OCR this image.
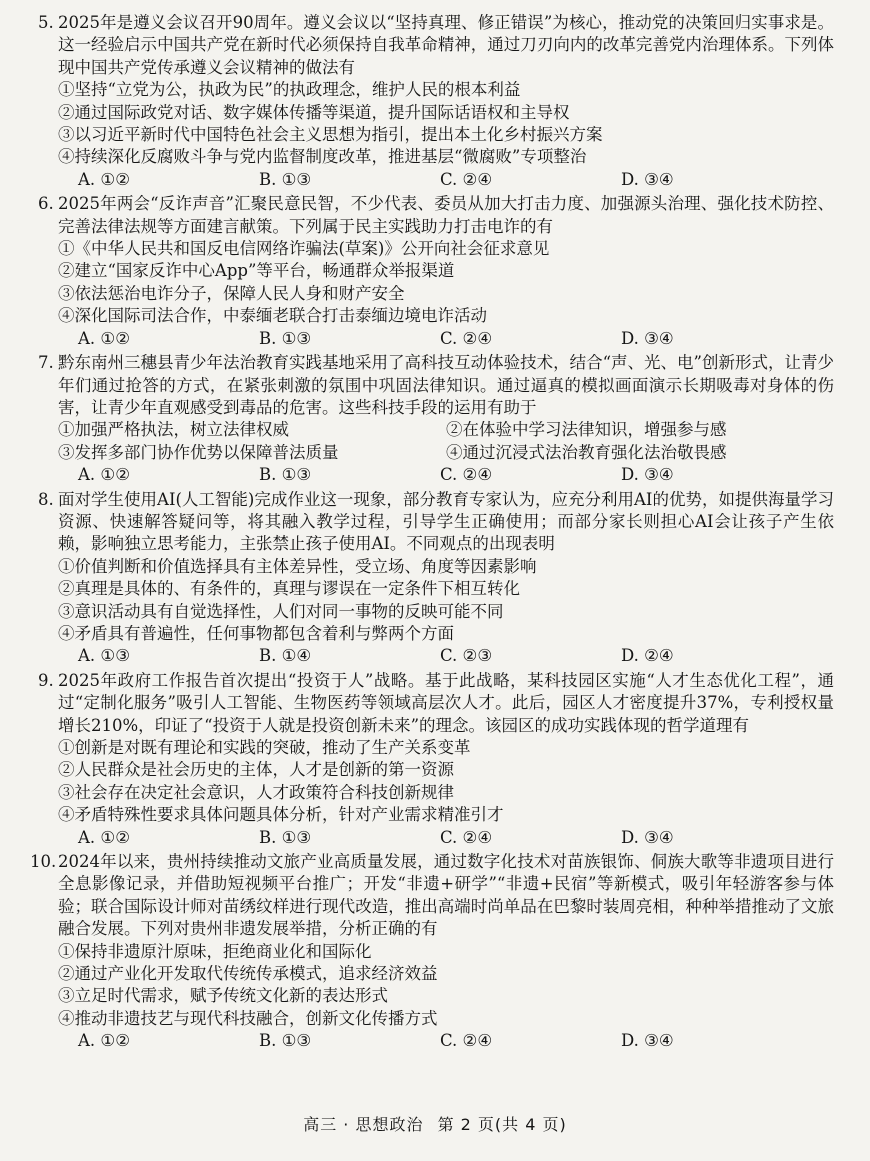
5. 2025年是遵义会议召开90周年。遵义会议以“坚持真理、修正错误”为核心，推动党的决策回归实事求是。这一经验启示中国共产党在新时代必须保持自我革命精神，通过刀刃向内的改革完善党内治理体系。下列体现中国共产党传承遵义会议精神的做法有

①坚持“立党为公，执政为民”的执政理念，维护人民的根本利益

②通过国际政党对话、数字媒体传播等渠道，提升国际话语权和主导权

③以习近平新时代中国特色社会主义思想为指引，提出本土化乡村振兴方案

④持续深化反腐败斗争与党内监督制度改革，推进基层“微腐败”专项整治

A. ①②	B. ①③	C. ②④	D. ③④

6. 2025年两会“反诈声音”汇聚民意民智，不少代表、委员从加大打击力度、加强源头治理、强化技术防控、完善法律法规等方面建言献策。下列属于民主实践助力打击电诈的有

①《中华人民共和国反电信网络诈骗法(草案)》公开向社会征求意见

②建立“国家反诈中心App”等平台，畅通群众举报渠道

③依法惩治电诈分子，保障人民人身和财产安全

④深化国际司法合作，中泰缅老联合打击泰缅边境电诈活动

A. ①②	B. ①③	C. ②④	D. ③④

7. 黔东南州三穗县青少年法治教育实践基地采用了高科技互动体验技术，结合“声、光、电”创新形式，让青少年们通过抢答的方式，在紧张刺激的氛围中巩固法律知识。通过逼真的模拟画面演示长期吸毒对身体的伤害，让青少年直观感受到毒品的危害。这些科技手段的运用有助于

①加强严格执法，树立法律权威	②在体验中学习法律知识，增强参与感

③发挥多部门协作优势以保障普法质量	④通过沉浸式法治教育强化法治敬畏感

A. ①②	B. ①③	C. ②④	D. ③④

8. 面对学生使用AI(人工智能)完成作业这一现象，部分教育专家认为，应充分利用AI的优势，如提供海量学习资源、快速解答疑问等，将其融入教学过程，引导学生正确使用；而部分家长则担心AI会让孩子产生依赖，影响独立思考能力，主张禁止孩子使用AI。不同观点的出现表明

①价值判断和价值选择具有主体差异性，受立场、角度等因素影响

②真理是具体的、有条件的，真理与谬误在一定条件下相互转化

③意识活动具有自觉选择性，人们对同一事物的反映可能不同

④矛盾具有普遍性，任何事物都包含着利与弊两个方面

A. ①③	B. ①④	C. ②③	D. ②④

9. 2025年政府工作报告首次提出“投资于人”战略。基于此战略，某科技园区实施“人才生态优化工程”，通过“定制化服务”吸引人工智能、生物医药等领域高层次人才。此后，园区人才密度提升37%，专利授权量增长210%，印证了“投资于人就是投资创新未来”的理念。该园区的成功实践体现的哲学道理有

①创新是对既有理论和实践的突破，推动了生产关系变革

②人民群众是社会历史的主体，人才是创新的第一资源

③社会存在决定社会意识，人才政策符合科技创新规律

④矛盾特殊性要求具体问题具体分析，针对产业需求精准引才

A. ①②	B. ①③	C. ②④	D. ③④

10. 2024年以来，贵州持续推动文旅产业高质量发展，通过数字化技术对苗族银饰、侗族大歌等非遗项目进行全息影像记录，并借助短视频平台推广；开发“非遗+研学”“非遗+民宿”等新模式，吸引年轻游客参与体验；联合国际设计师对苗绣纹样进行现代改造，推出高端时尚单品在巴黎时装周亮相，种种举措推动了文旅融合发展。下列对贵州非遗发展举措，分析正确的有

①保持非遗原汁原味，拒绝商业化和国际化

②通过产业化开发取代传统传承模式，追求经济效益

③立足时代需求，赋予传统文化新的表达形式

④推动非遗技艺与现代科技融合，创新文化传播方式

A. ①②	B. ①③	C. ②④	D. ③④
高三 · 思想政治 第 2 页(共 4 页)
